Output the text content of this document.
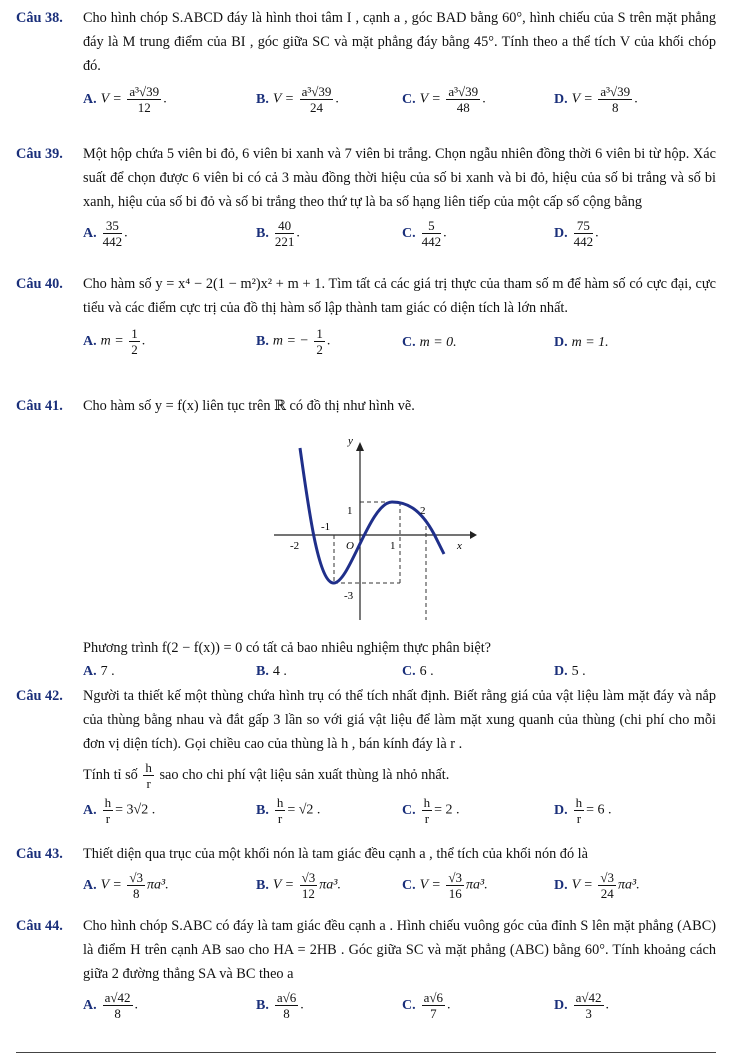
Câu 38. Cho hình chóp S.ABCD đáy là hình thoi tâm I , cạnh a , góc BAD bằng 60°, hình chiếu của S trên mặt phẳng đáy là M trung điểm của BI , góc giữa SC và mặt phẳng đáy bằng 45°. Tính theo a thể tích V của khối chóp đó.
A. $V = \frac{\text{a³√39}}{12}$ .	B. $V = \frac{\text{a³√39}}{24}$ .	C. $V = \frac{\text{a³√39}}{48}$ .	D. $V = \frac{\text{a³√39}}{8}$ .
Câu 39. Một hộp chứa 5 viên bi đỏ, 6 viên bi xanh và 7 viên bi trắng. Chọn ngẫu nhiên đồng thời 6 viên bi từ hộp. Xác suất để chọn được 6 viên bi có cả 3 màu đồng thời hiệu của số bi xanh và bi đỏ, hiệu của số bi trắng và số bi xanh, hiệu của số bi đỏ và số bi trắng theo thứ tự là ba số hạng liên tiếp của một cấp số cộng bằng
A. $\frac{35}{442}$ .	B. $\frac{40}{221}$ .	C. $\frac{5}{442}$ .	D. $\frac{75}{442}$ .
Câu 40. Cho hàm số y = x⁴ − 2(1 − m²)x² + m + 1. Tìm tất cả các giá trị thực của tham số m để hàm số có cực đại, cực tiểu và các điểm cực trị của đồ thị hàm số lập thành tam giác có diện tích là lớn nhất.
A. $m = \frac{1}{2}$ .	B. m = − $\frac{1}{2}$ .	C. m = 0.	D. m = 1.
Câu 41. Cho hàm số y = f(x) liên tục trên ℝ có đồ thị như hình vẽ.
y
x
1
-1
2
-2	O	1
-3
Phương trình f(2 − f(x)) = 0 có tất cả bao nhiêu nghiệm thực phân biệt?
A. 7 .	B. 4 .	C. 6 .	D. 5 .
Câu 42. Người ta thiết kế một thùng chứa hình trụ có thể tích nhất định. Biết rằng giá của vật liệu làm mặt đáy và nắp của thùng bằng nhau và đắt gấp 3 lần so với giá vật liệu để làm mặt xung quanh của thùng (chi phí cho mỗi đơn vị diện tích). Gọi chiều cao của thùng là h , bán kính đáy là r .
Tính tỉ số $\frac{h}{r}$ sao cho chi phí vật liệu sản xuất thùng là nhỏ nhất.
A. $\frac{h}{r} = 3√2$ .	B. $\frac{h}{r} = √2$ .	C. $\frac{h}{r} = 2$ .	D. $\frac{h}{r} = 6$ .
Câu 43. Thiết diện qua trục của một khối nón là tam giác đều cạnh a , thể tích của khối nón đó là
A. $V = \frac{√3}{8} \pi a^3$.	B. $V = \frac{√3}{12} \pi a^3$.	C. $V = \frac{√3}{16} \pi a^3$.	D. $V = \frac{√3}{24} \pi a^3$.
Câu 44. Cho hình chóp S.ABC có đáy là tam giác đều cạnh a . Hình chiếu vuông góc của đỉnh S lên mặt phẳng (ABC) là điểm H trên cạnh AB sao cho HA = 2HB . Góc giữa SC và mặt phẳng (ABC) bằng 60°. Tính khoảng cách giữa 2 đường thẳng SA và BC theo a
A. $\frac{a√42}{8}$ .	B. $\frac{a√6}{8}$ .	C. $\frac{a√6}{7}$ .	D. $\frac{a√42}{3}$ .
